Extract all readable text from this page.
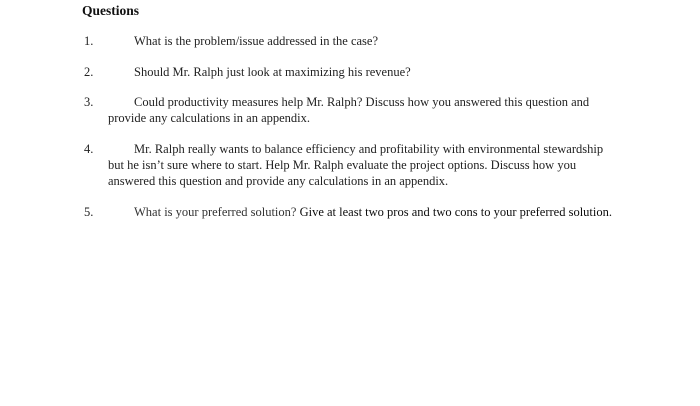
Questions
1.	What is the problem/issue addressed in the case?
2.	Should Mr. Ralph just look at maximizing his revenue?
3.	Could productivity measures help Mr. Ralph? Discuss how you answered this question and provide any calculations in an appendix.
4.	Mr. Ralph really wants to balance efficiency and profitability with environmental stewardship but he isn’t sure where to start. Help Mr. Ralph evaluate the project options. Discuss how you answered this question and provide any calculations in an appendix.
5.	What is your preferred solution? Give at least two pros and two cons to your preferred solution.
